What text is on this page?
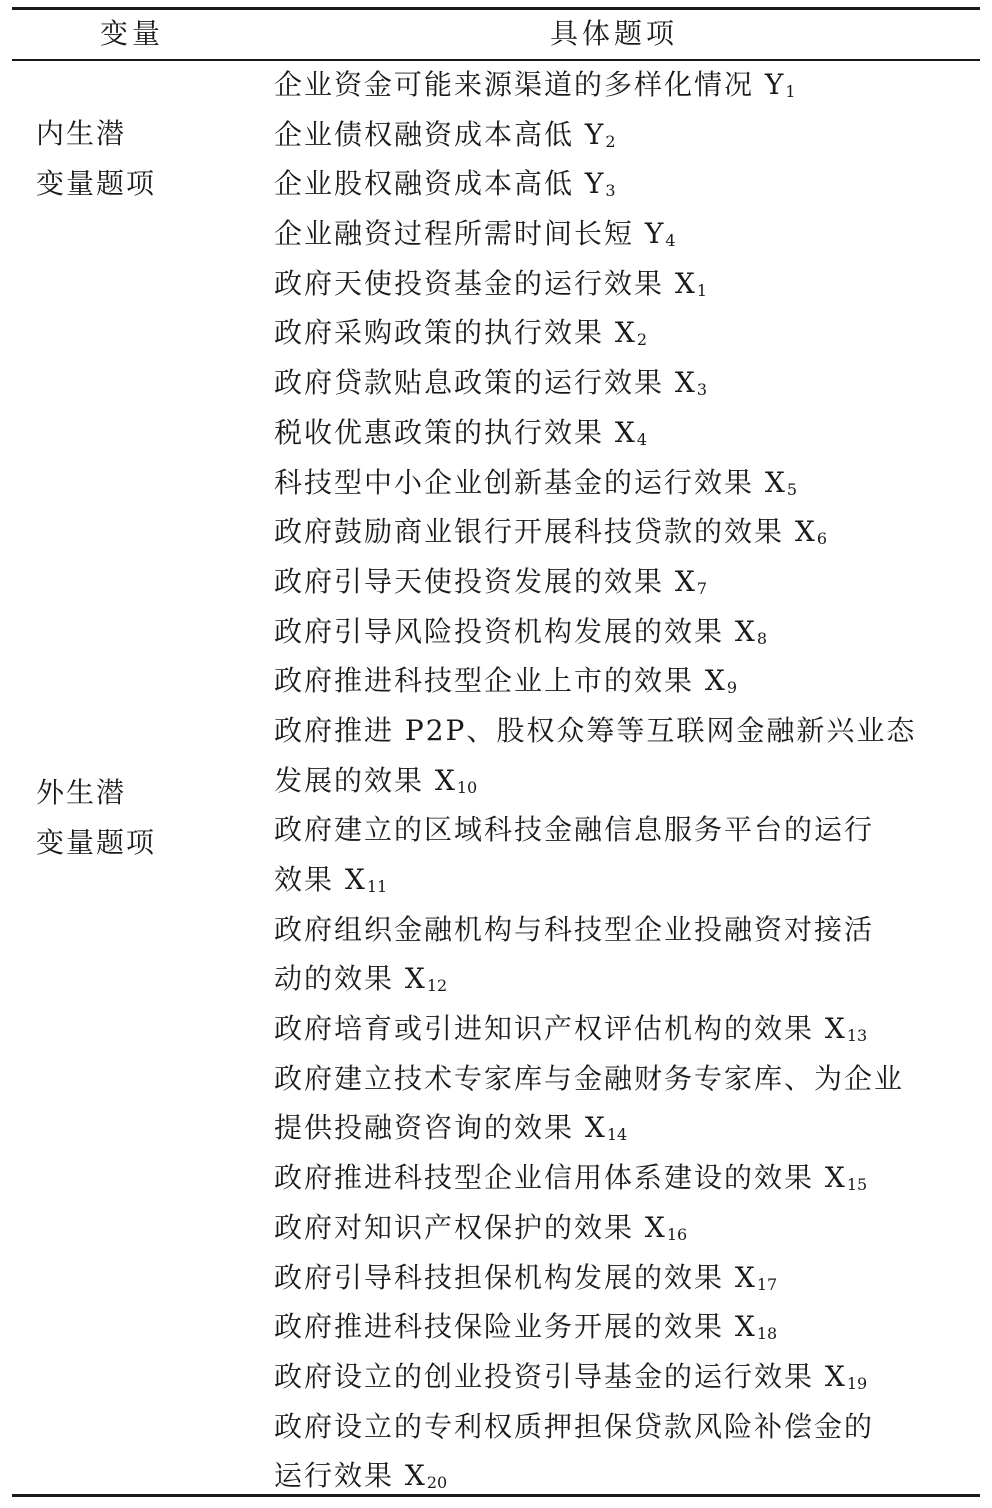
变量	具体题项
内生潜
变量题项
外生潜
变量题项
企业资金可能来源渠道的多样化情况 $Y_1$
企业债权融资成本高低 $Y_2$
企业股权融资成本高低 $Y_3$
企业融资过程所需时间长短 $Y_4$
政府天使投资基金的运行效果 $X_1$
政府采购政策的执行效果 $X_2$
政府贷款贴息政策的运行效果 $X_3$
税收优惠政策的执行效果 $X_4$
科技型中小企业创新基金的运行效果 $X_5$
政府鼓励商业银行开展科技贷款的效果 $X_6$
政府引导天使投资发展的效果 $X_7$
政府引导风险投资机构发展的效果 $X_8$
政府推进科技型企业上市的效果 $X_9$
政府推进 P2P、股权众筹等互联网金融新兴业态
发展的效果 $X_{10}$
政府建立的区域科技金融信息服务平台的运行
效果 $X_{11}$
政府组织金融机构与科技型企业投融资对接活
动的效果 $X_{12}$
政府培育或引进知识产权评估机构的效果 $X_{13}$
政府建立技术专家库与金融财务专家库、为企业
提供投融资咨询的效果 $X_{14}$
政府推进科技型企业信用体系建设的效果 $X_{15}$
政府对知识产权保护的效果 $X_{16}$
政府引导科技担保机构发展的效果 $X_{17}$
政府推进科技保险业务开展的效果 $X_{18}$
政府设立的创业投资引导基金的运行效果 $X_{19}$
政府设立的专利权质押担保贷款风险补偿金的
运行效果 $X_{20}$
